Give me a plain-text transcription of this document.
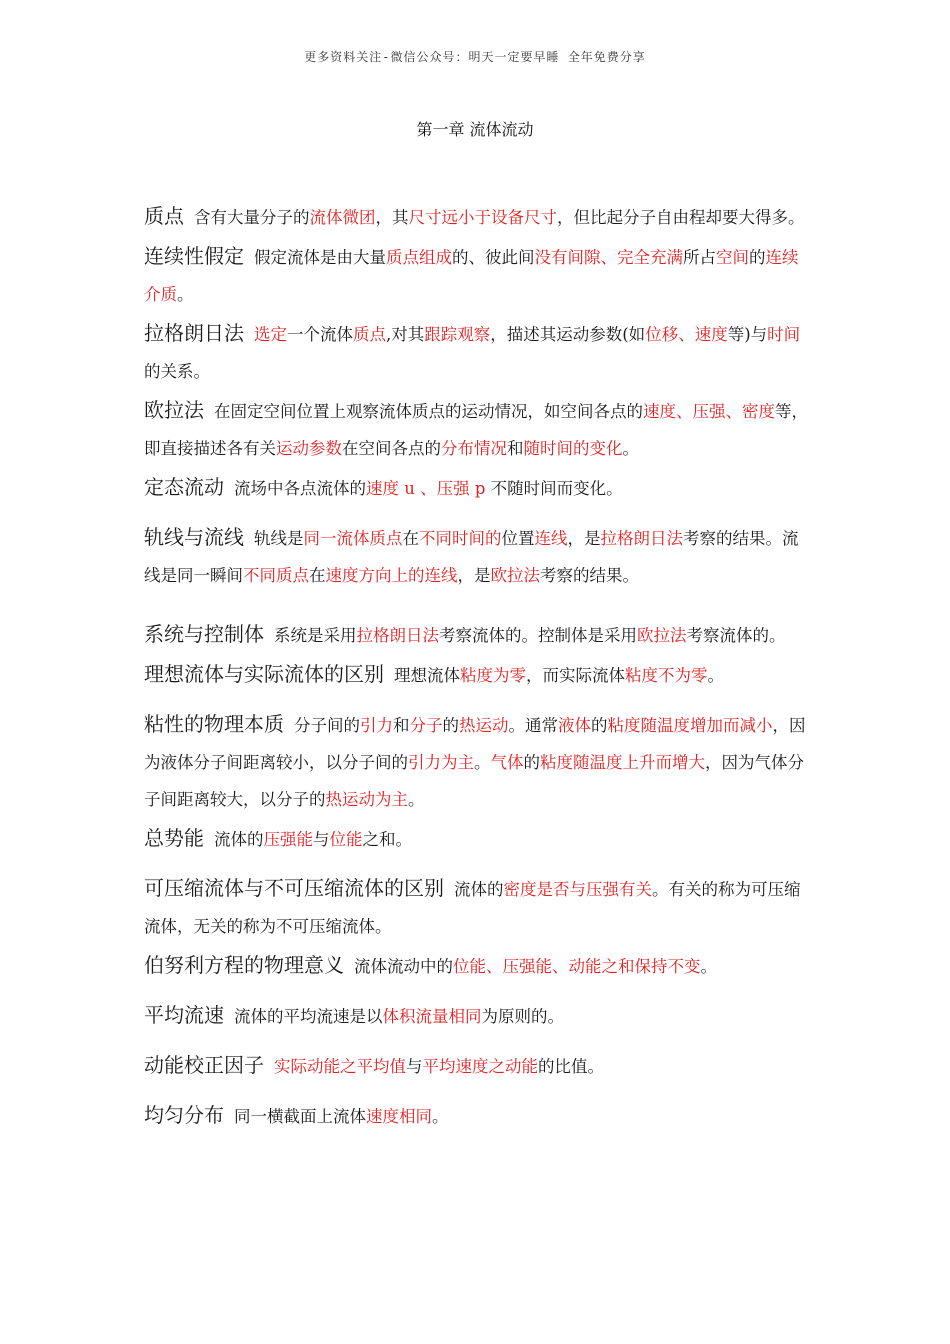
更多资料关注-微信公众号：明天一定要早睡 全年免费分享
第一章 流体流动

质点 含有大量分子的流体微团，其尺寸远小于设备尺寸，但比起分子自由程却要大得多。

连续性假定 假定流体是由大量质点组成的、彼此间没有间隙、完全充满所占空间的连续介质。

拉格朗日法 选定一个流体质点,对其跟踪观察，描述其运动参数(如位移、速度等)与时间的关系。

欧拉法 在固定空间位置上观察流体质点的运动情况，如空间各点的速度、压强、密度等，即直接描述各有关运动参数在空间各点的分布情况和随时间的变化。

定态流动 流场中各点流体的速度 u 、压强 p 不随时间而变化。

轨线与流线 轨线是同一流体质点在不同时间的位置连线，是拉格朗日法考察的结果。流线是同一瞬间不同质点在速度方向上的连线，是欧拉法考察的结果。

系统与控制体 系统是采用拉格朗日法考察流体的。控制体是采用欧拉法考察流体的。

理想流体与实际流体的区别 理想流体粘度为零，而实际流体粘度不为零。

粘性的物理本质 分子间的引力和分子的热运动。通常液体的粘度随温度增加而减小，因为液体分子间距离较小，以分子间的引力为主。气体的粘度随温度上升而增大，因为气体分子间距离较大，以分子的热运动为主。

总势能 流体的压强能与位能之和。

可压缩流体与不可压缩流体的区别 流体的密度是否与压强有关。有关的称为可压缩流体，无关的称为不可压缩流体。

伯努利方程的物理意义 流体流动中的位能、压强能、动能之和保持不变。

平均流速 流体的平均流速是以体积流量相同为原则的。

动能校正因子 实际动能之平均值与平均速度之动能的比值。

均匀分布 同一横截面上流体速度相同。
